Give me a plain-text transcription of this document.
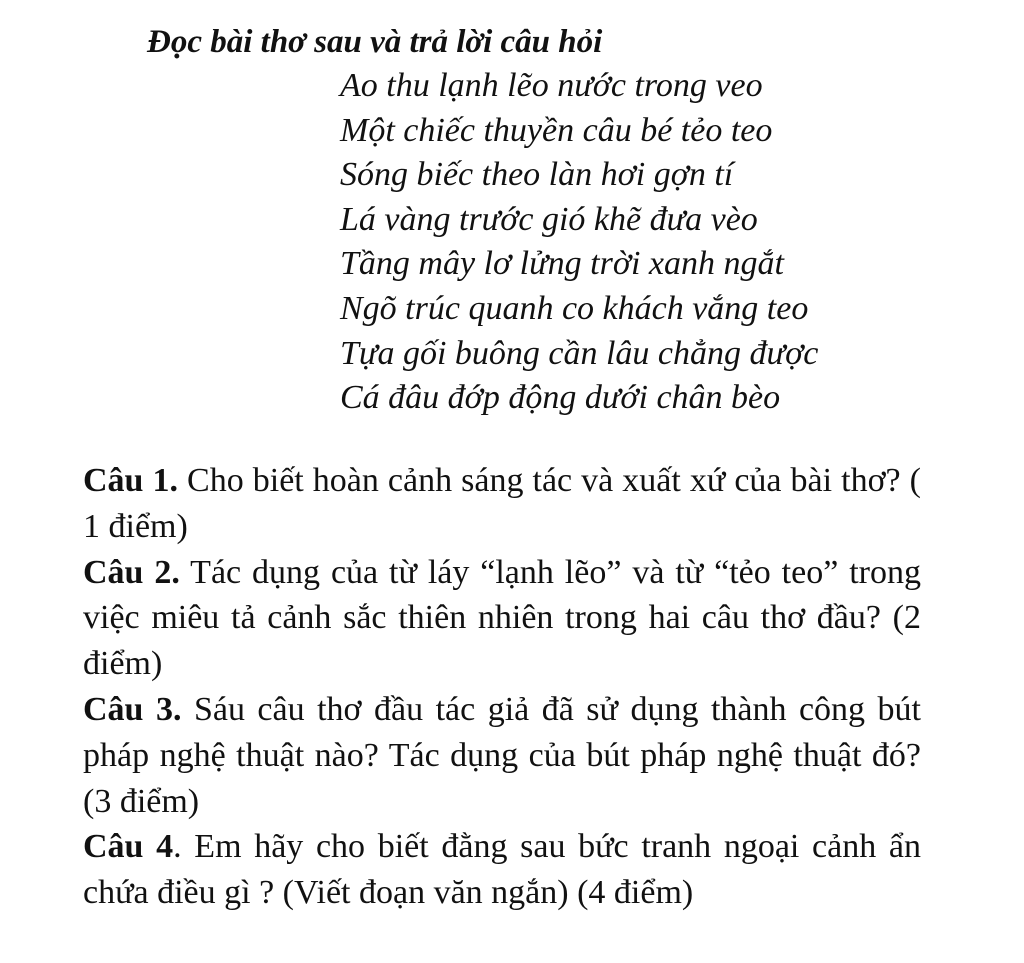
Đọc bài thơ sau và trả lời câu hỏi
Ao thu lạnh lẽo nước trong veo
Một chiếc thuyền câu bé tẻo teo
Sóng biếc theo làn hơi gợn tí
Lá vàng trước gió khẽ đưa vèo
Tầng mây lơ lửng trời xanh ngắt
Ngõ trúc quanh co khách vắng teo
Tựa gối buông cần lâu chẳng được
Cá đâu đớp động dưới chân bèo

Câu 1. Cho biết hoàn cảnh sáng tác và xuất xứ của bài thơ? ( 1 điểm)

Câu 2. Tác dụng của từ láy “lạnh lẽo” và từ “tẻo teo” trong việc miêu tả cảnh sắc thiên nhiên trong hai câu thơ đầu? (2 điểm)

Câu 3. Sáu câu thơ đầu tác giả đã sử dụng thành công bút pháp nghệ thuật nào? Tác dụng của bút pháp nghệ thuật đó? (3 điểm)

Câu 4. Em hãy cho biết đằng sau bức tranh ngoại cảnh ẩn chứa điều gì ? (Viết đoạn văn ngắn) (4 điểm)
